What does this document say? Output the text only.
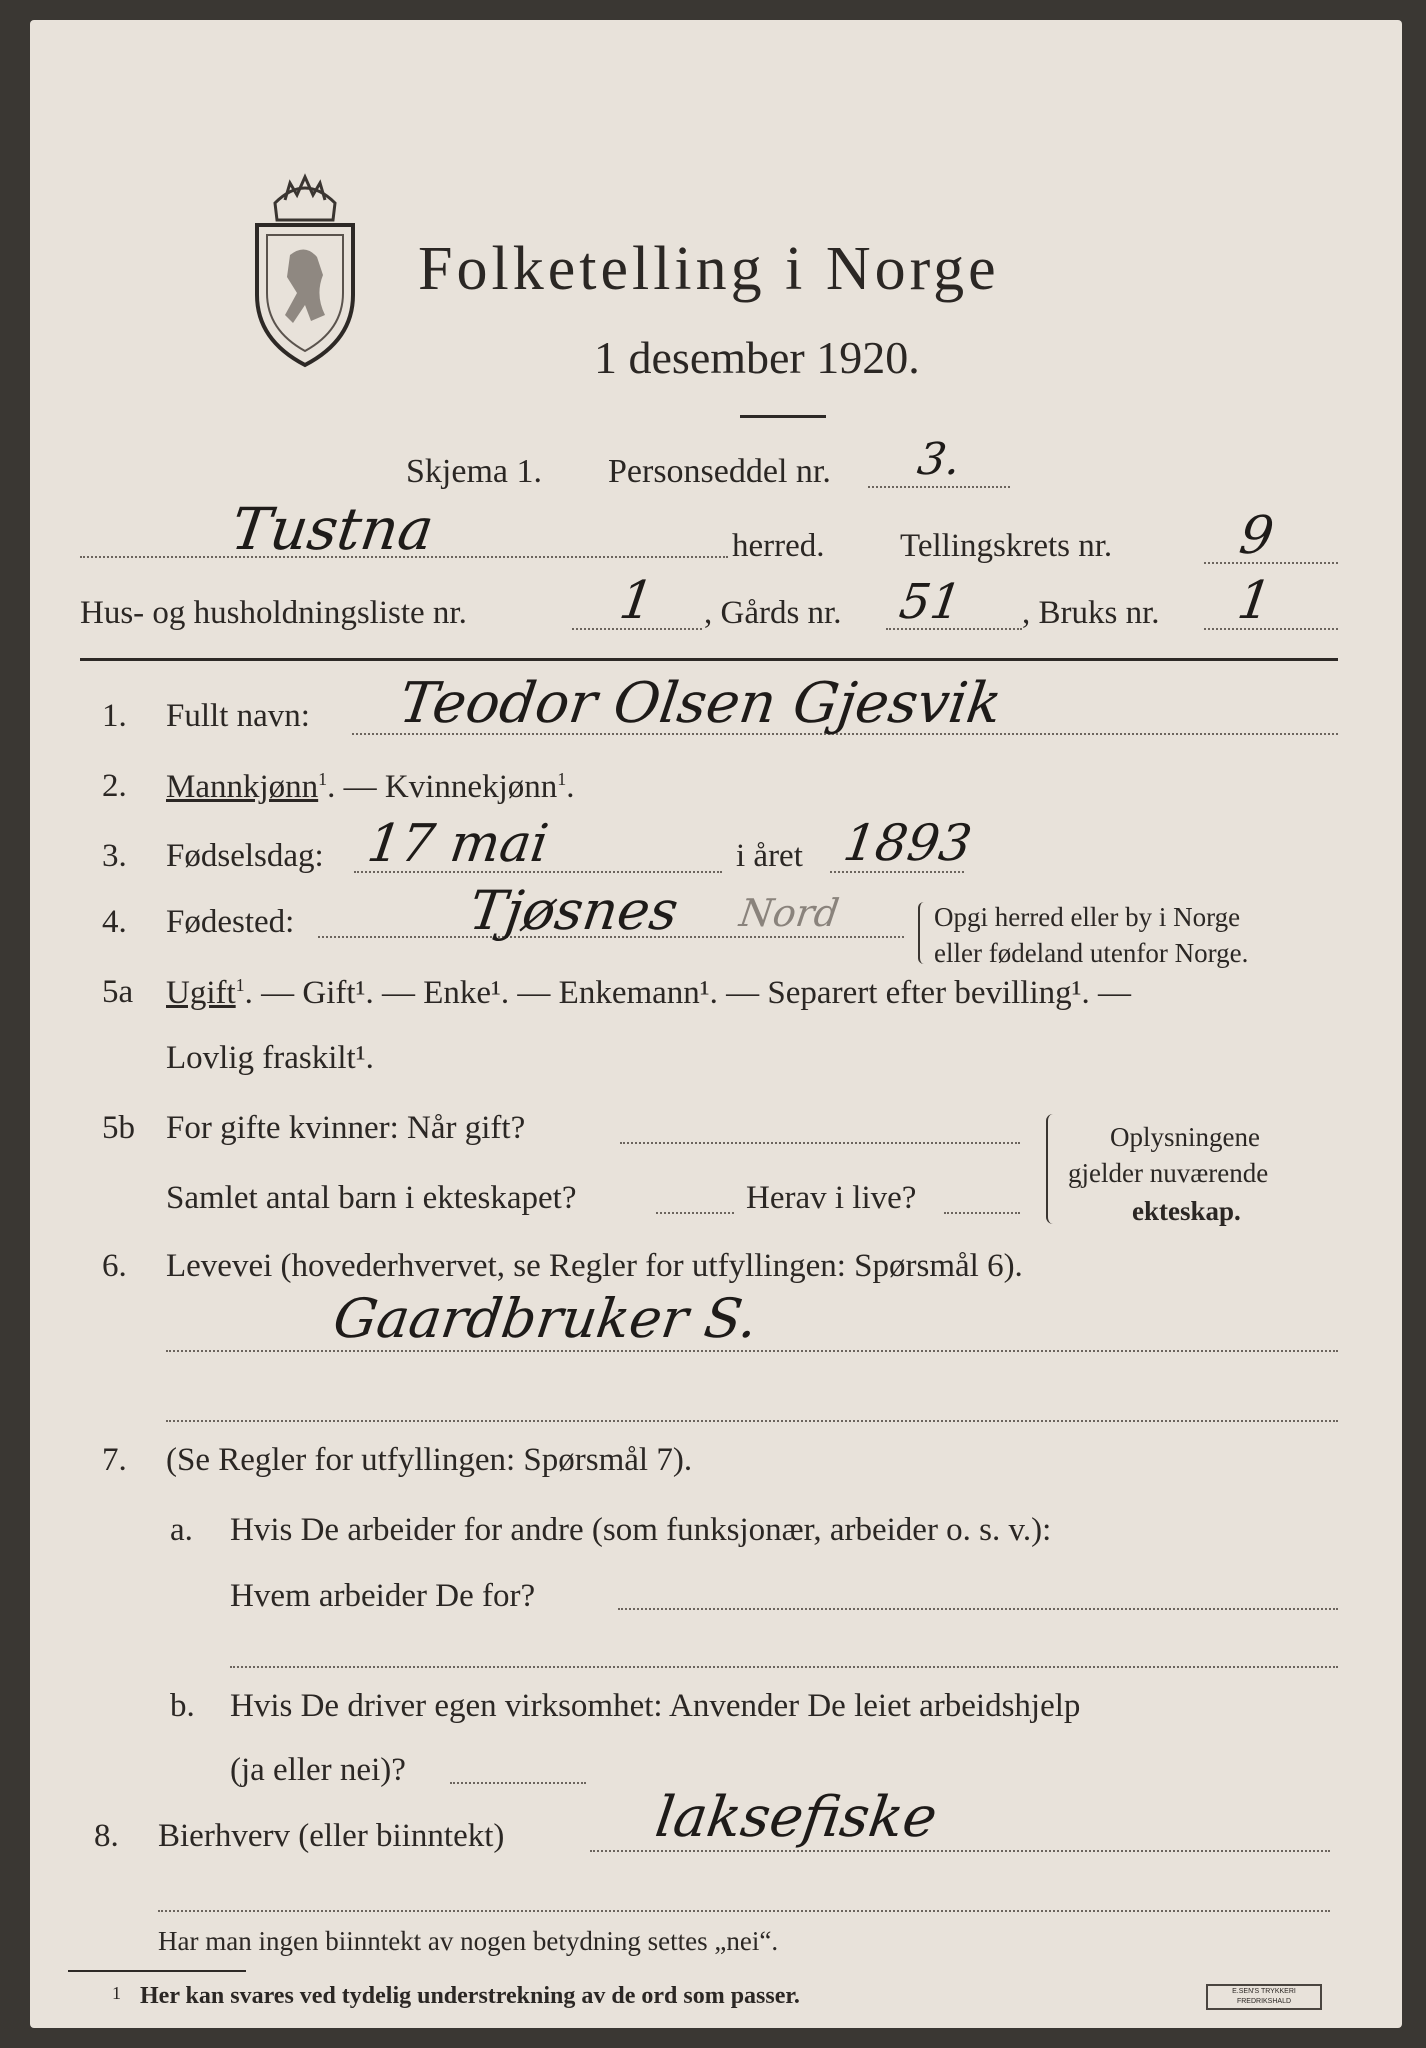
Folketelling i Norge
1 desember 1920.
Skjema 1. Personseddel nr. 3.
Tustna	herred. Tellingskrets nr. 9
Hus- og husholdningsliste nr.	1 , Gårds nr. 51 , Bruks nr. 1
1. Fullt navn: Teodor Olsen Gjesvik
2. Mannkjønn$^1$. — Kvinnekjønn$^1$.
3. Fødselsdag: 17 mai	i året 1893
4. Fødested:	Tjøsnes Nord	Opgi herred eller by i Norge
eller fødeland utenfor Norge.
5a Ugift$^1$. — Gift¹. — Enke¹. — Enkemann¹. — Separert efter bevilling¹. —
Lovlig fraskilt¹.
5b For gifte kvinner: Når gift?
Samlet antal barn i ekteskapet?	Herav i live?
Oplysningene
gjelder nuværende
ekteskap.
6. Levevei (hovederhvervet, se Regler for utfyllingen: Spørsmål 6).
Gaardbruker S.
7. (Se Regler for utfyllingen: Spørsmål 7).
a. Hvis De arbeider for andre (som funksjonær, arbeider o. s. v.):
Hvem arbeider De for?
b. Hvis De driver egen virksomhet: Anvender De leiet arbeidshjelp
(ja eller nei)?
8. Bierhverv (eller biinntekt)	laksefiske
Har man ingen biinntekt av nogen betydning settes „nei“.
1 Her kan svares ved tydelig understrekning av de ord som passer.	E.SEN'S TRYKKERI
FREDRIKSHALD
